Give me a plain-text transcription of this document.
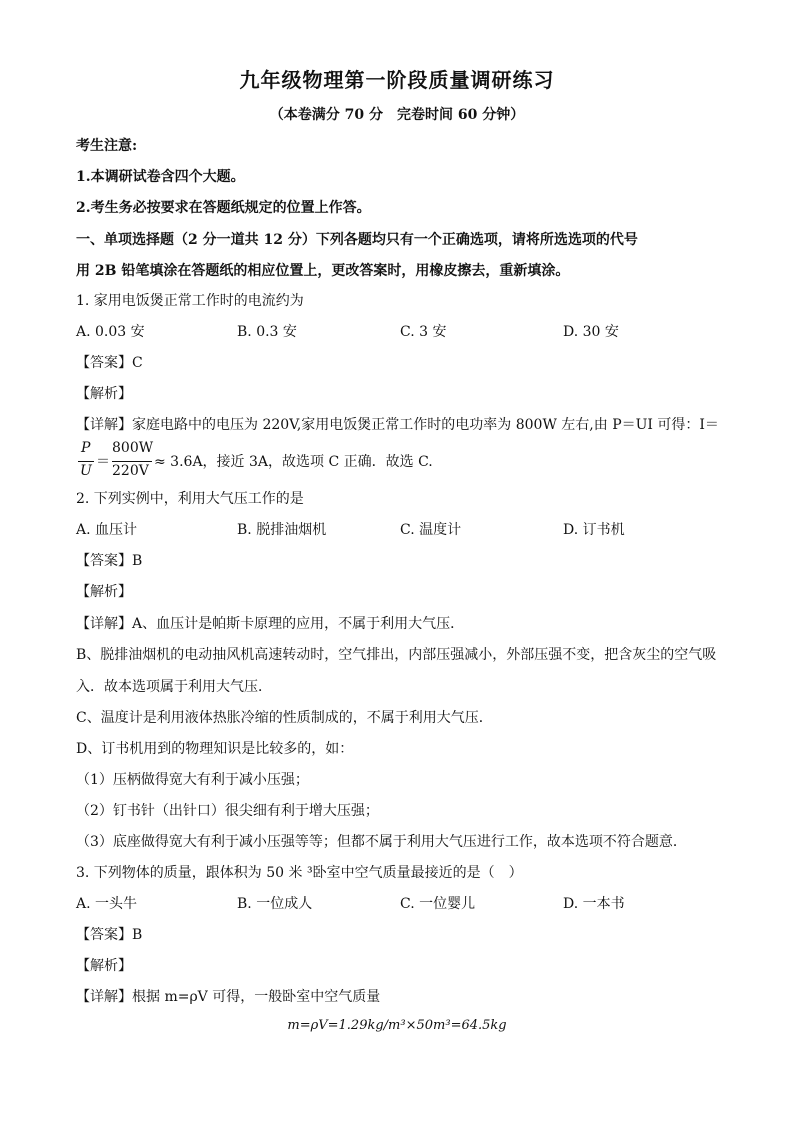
九年级物理第一阶段质量调研练习
（本卷满分 70 分　完卷时间 60 分钟）
考生注意:
1.本调研试卷含四个大题。
2.考生务必按要求在答题纸规定的位置上作答。
一、单项选择题（2 分一道共 12 分）下列各题均只有一个正确选项，请将所选选项的代号
用 2B 铅笔填涂在答题纸的相应位置上，更改答案时，用橡皮擦去，重新填涂。
1. 家用电饭煲正常工作时的电流约为
A. 0.03 安	B. 0.3 安	C. 3 安	D. 30 安
【答案】C
【解析】
【详解】家庭电路中的电压为 220V,家用电饭煲正常工作时的电功率为 800W 左右,由 P＝UI 可得：I＝
P
U
＝
800W
220V
≈ 3.6A，接近 3A，故选项 C 正确．故选 C.
2. 下列实例中，利用大气压工作的是
A. 血压计	B. 脱排油烟机	C. 温度计	D. 订书机
【答案】B
【解析】
【详解】A、血压计是帕斯卡原理的应用，不属于利用大气压．
B、脱排油烟机的电动抽风机高速转动时，空气排出，内部压强减小，外部压强不变，把含灰尘的空气吸
入．故本选项属于利用大气压．
C、温度计是利用液体热胀冷缩的性质制成的，不属于利用大气压．
D、订书机用到的物理知识是比较多的，如：
（1）压柄做得宽大有利于减小压强；
（2）钉书针（出针口）很尖细有利于增大压强；
（3）底座做得宽大有利于减小压强等等；但都不属于利用大气压进行工作，故本选项不符合题意．
3. 下列物体的质量，跟体积为 50 米 ³卧室中空气质量最接近的是（　）
A. 一头牛	B. 一位成人	C. 一位婴儿	D. 一本书
【答案】B
【解析】
【详解】根据 m=ρV 可得，一般卧室中空气质量
m=ρV=1.29kg/m³×50m³=64.5kg
